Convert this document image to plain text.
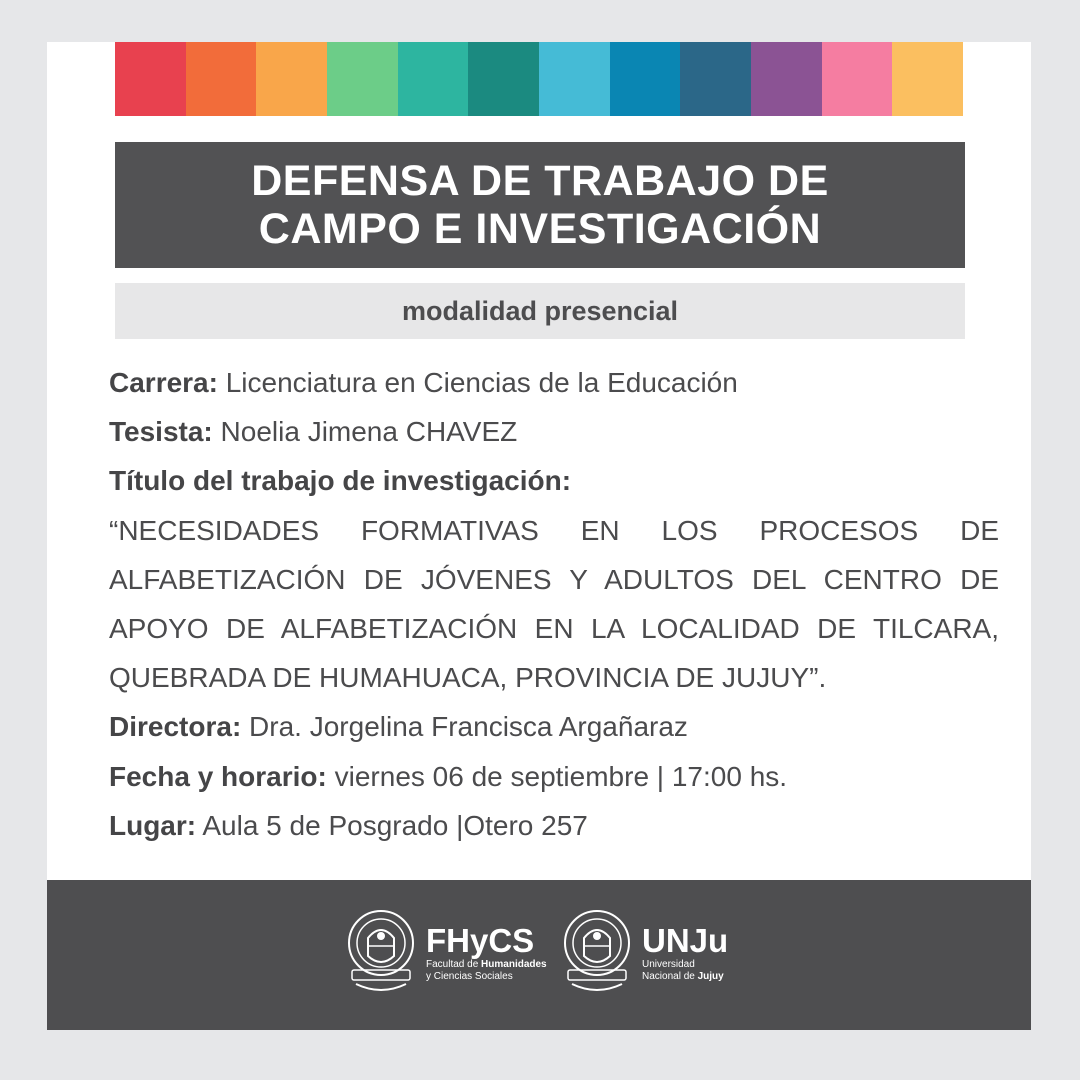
DEFENSA DE TRABAJO DE
CAMPO E INVESTIGACIÓN
modalidad presencial
Carrera: Licenciatura en Ciencias de la Educación
Tesista: Noelia Jimena CHAVEZ
Título del trabajo de investigación:
“NECESIDADES FORMATIVAS EN LOS PROCESOS DE ALFABETIZACIÓN DE JÓVENES Y ADULTOS DEL CENTRO DE APOYO DE ALFABETIZACIÓN EN LA LOCALIDAD DE TILCARA, QUEBRADA DE HUMAHUACA, PROVINCIA DE JUJUY”.
Directora: Dra. Jorgelina Francisca Argañaraz
Fecha y horario: viernes 06 de septiembre | 17:00 hs.
Lugar: Aula 5 de Posgrado |Otero 257
FHyCS
Facultad de Humanidades
y Ciencias Sociales
UNJu
Universidad
Nacional de Jujuy
